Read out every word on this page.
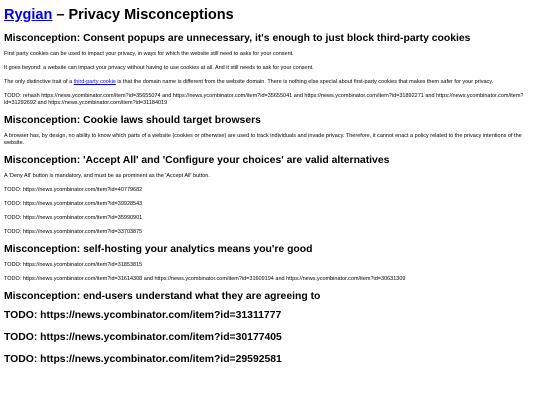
Rygian – Privacy Misconceptions
Misconception: Consent popups are unnecessary, it's enough to just block third-party cookies

First party cookies can be used to impact your privacy, in ways for which the website still need to asks for your consent.

It goes beyond: a website can impact your privacy without having to use cookies at all. And it still needs to ask for your consent.

The only distinctive trait of a third-party cookie is that the domain name is different from the website domain. There is nothing else special about first-party cookies that makes them safer for your privacy.

TODO: rehash https://news.ycombinator.com/item?id=35655074 and https://news.ycombinator.com/item?id=35655041 and https://news.ycombinator.com/item?id=31892271 and https://news.ycombinator.com/item?id=31292692 and https://news.ycombinator.com/item?id=31184019

Misconception: Cookie laws should target browsers

A browser has, by design, no ability to know which parts of a website (cookies or otherwise) are used to track individuals and invade privacy. Therefore, it cannot enact a policy related to the privacy intentions of the website.

Misconception: 'Accept All' and 'Configure your choices' are valid alternatives

A 'Deny All' button is mandatory, and must be as prominent as the 'Accept All' button.

TODO: https://news.ycombinator.com/item?id=40779682

TODO: https://news.ycombinator.com/item?id=39928543

TODO: https://news.ycombinator.com/item?id=35990901

TODO: https://news.ycombinator.com/item?id=33703875

Misconception: self-hosting your analytics means you're good

TODO: https://news.ycombinator.com/item?id=31853815

TODO: https://news.ycombinator.com/item?id=31614308 and https://news.ycombinator.com/item?id=31609194 and https://news.ycombinator.com/item?id=30631309

Misconception: end-users understand what they are agreeing to

TODO: https://news.ycombinator.com/item?id=31311777

TODO: https://news.ycombinator.com/item?id=30177405

TODO: https://news.ycombinator.com/item?id=29592581
